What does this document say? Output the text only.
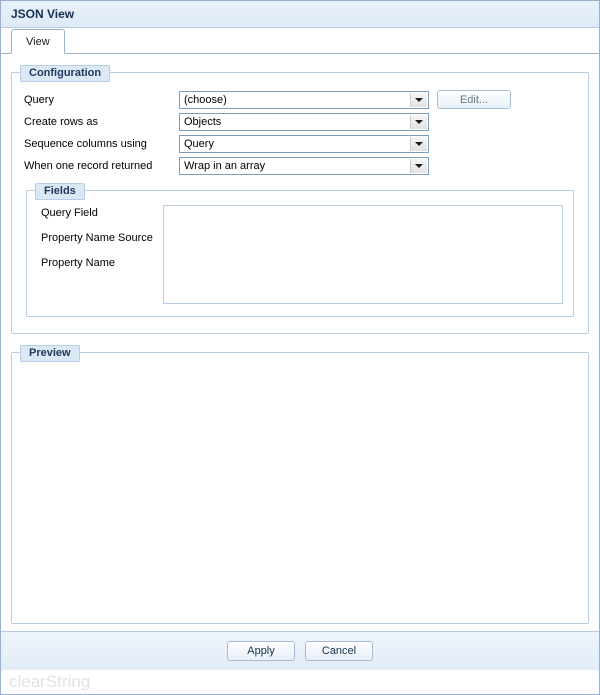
JSON View
View
Configuration
Query	(choose)	Edit...
Create rows as	Objects
Sequence columns using	Query
When one record returned	Wrap in an array
Fields
Query Field
Property Name Source
Property Name
Preview
Apply	Cancel
clearString
